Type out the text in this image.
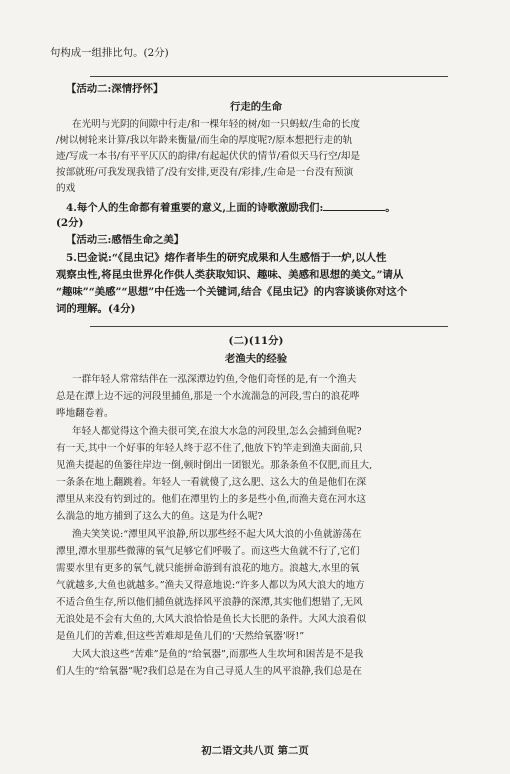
句构成一组排比句。(2分)
【活动二:深情抒怀】
行走的生命
在光明与光阴的间隙中行走/和一棵年轻的树/如一只蚂蚁/生命的长度
/树以树轮来计算/我以年龄来衡量/而生命的厚度呢?/原本想把行走的轨
迹/写成一本书/有平平仄仄的韵律/有起起伏伏的情节/看似天马行空/却是
按部就班/可我发现我错了/没有安排,更没有/彩排,/生命是一台没有预演
的戏
4.每个人的生命都有着重要的意义,上面的诗歌激励我们:	。
(2分)
【活动三:感悟生命之美】
5.巴金说:“《昆虫记》熔作者毕生的研究成果和人生感悟于一炉,以人性
观察虫性,将昆虫世界化作供人类获取知识、趣味、美感和思想的美文。”请从
“趣味”“美感”“思想”中任选一个关键词,结合《昆虫记》的内容谈谈你对这个
词的理解。(4分)
(二)(11分)
老渔夫的经验
一群年轻人常常结伴在一泓深潭边钓鱼,令他们奇怪的是,有一个渔夫
总是在潭上边不远的河段里捕鱼,那是一个水流湍急的河段,雪白的浪花哗
哗地翻卷着。
年轻人都觉得这个渔夫很可笑,在浪大水急的河段里,怎么会捕到鱼呢?
有一天,其中一个好事的年轻人终于忍不住了,他放下钓竿走到渔夫面前,只
见渔夫提起的鱼篓往岸边一倒,顿时倒出一团银光。那条条鱼不仅肥,而且大,
一条条在地上翻跳着。年轻人一看就傻了,这么肥、这么大的鱼是他们在深
潭里从来没有钓到过的。他们在潭里钓上的多是些小鱼,而渔夫竟在河水这
么湍急的地方捕到了这么大的鱼。这是为什么呢?
渔夫笑笑说:“潭里风平浪静,所以那些经不起大风大浪的小鱼就游荡在
潭里,潭水里那些微薄的氧气足够它们呼吸了。而这些大鱼就不行了,它们
需要水里有更多的氧气,就只能拼命游到有浪花的地方。浪越大,水里的氧
气就越多,大鱼也就越多。”渔夫又得意地说:“许多人都以为风大浪大的地方
不适合鱼生存,所以他们捕鱼就选择风平浪静的深潭,其实他们想错了,无风
无浪处是不会有大鱼的,大风大浪恰恰是鱼长大长肥的条件。大风大浪看似
是鱼儿们的苦难,但这些苦难却是鱼儿们的‘天然给氧器’呀!”
大风大浪这些“苦难”是鱼的“给氧器”,而那些人生坎坷和困苦是不是我
们人生的“给氧器”呢?我们总是在为自己寻觅人生的风平浪静,我们总是在
初二语文共八页 第二页
